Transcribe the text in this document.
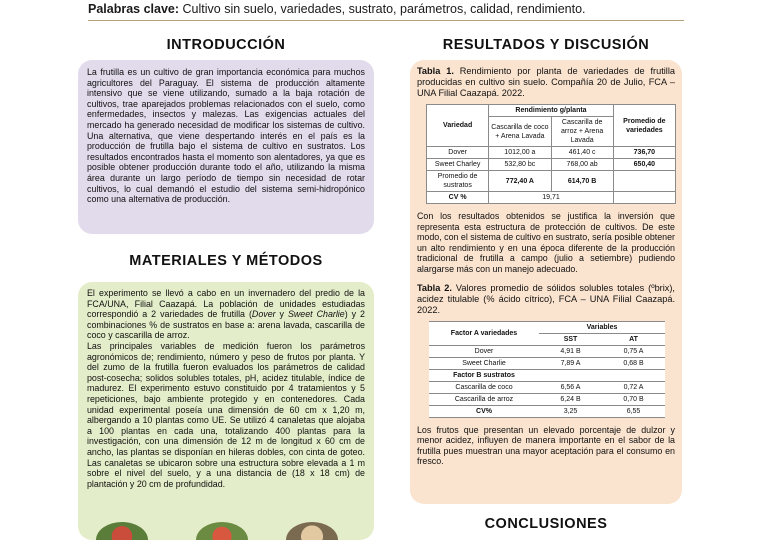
Palabras clave: Cultivo sin suelo, variedades, sustrato, parámetros, calidad, rendimiento.
INTRODUCCIÓN

La frutilla es un cultivo de gran importancia económica para muchos agricultores del Paraguay. El sistema de producción altamente intensivo que se viene utilizando, sumado a la baja rotación de cultivos, trae aparejados problemas relacionados con el suelo, como enfermedades, insectos y malezas. Las exigencias actuales del mercado ha generado necesidad de modificar los sistemas de cultivo. Una alternativa, que viene despertando interés en el país es la producción de frutilla bajo el sistema de cultivo en sustratos. Los resultados encontrados hasta el momento son alentadores, ya que es posible obtener producción durante todo el año, utilizando la misma área durante un largo período de tiempo sin necesidad de rotar cultivos, lo cual demandó el estudio del sistema semi-hidropónico como una alternativa de producción.

MATERIALES Y MÉTODOS

El experimento se llevó a cabo en un invernadero del predio de la FCA/UNA, Filial Caazapá. La población de unidades estudiadas correspondió a 2 variedades de frutilla (Dover y Sweet Charlie) y 2 combinaciones % de sustratos en base a: arena lavada, cascarilla de coco y cascarilla de arroz.

Las principales variables de medición fueron los parámetros agronómicos de; rendimiento, número y peso de frutos por planta. Y del zumo de la frutilla fueron evaluados los parámetros de calidad post-cosecha; solidos solubles totales, pH, acidez titulable, índice de madurez. El experimento estuvo constituido por 4 tratamientos y 5 repeticiones, bajo ambiente protegido y en contenedores. Cada unidad experimental poseía una dimensión de 60 cm x 1,20 m, albergando a 10 plantas como UE. Se utilizó 4 canaletas que alojaba a 100 plantas en cada una, totalizando 400 plantas para la investigación, con una dimensión de 12 m de longitud x 60 cm de ancho, las plantas se disponían en hileras dobles, con cinta de goteo. Las canaletas se ubicaron sobre una estructura sobre elevada a 1 m sobre el nivel del suelo, y a una distancia de (18 x 18 cm) de plantación y 20 cm de profundidad.

RESULTADOS Y DISCUSIÓN

Tabla 1. Rendimiento por planta de variedades de frutilla producidas en cultivo sin suelo. Compañía 20 de Julio, FCA – UNA Filial Caazapá. 2022.

Variedad	Rendimiento g/planta		Promedio de variedades
	Cascarilla de coco + Arena Lavada	Cascarilla de arroz + Arena Lavada	
Dover	1012,00 a	461,40 c	736,70
Sweet Charley	532,80 bc	768,00 ab	650,40
Promedio de sustratos	772,40 A	614,70 B	
CV %	19,71		

Con los resultados obtenidos se justifica la inversión que representa esta estructura de protección de cultivos. De este modo, con el sistema de cultivo en sustrato, sería posible obtener un alto rendimiento y en una época diferente de la producción tradicional de frutilla a campo (julio a setiembre) pudiendo alargarse más con un manejo adecuado.

Tabla 2. Valores promedio de sólidos solubles totales (ºbrix), acidez titulable (% ácido cítrico), FCA – UNA Filial Caazapá. 2022.

Factor A variedades	Variables	
	SST	AT
Dover	4,91 B	0,75 A
Sweet Charlie	7,89 A	0,68 B
Factor B sustratos		
Cascarilla de coco	6,56 A	0,72 A
Cascarilla de arroz	6,24 B	0,70 B
CV%	3,25	6,55

Los frutos que presentan un elevado porcentaje de dulzor y menor acidez, influyen de manera importante en el sabor de la frutilla pues muestran una mayor aceptación para el consumo en fresco.

CONCLUSIONES
